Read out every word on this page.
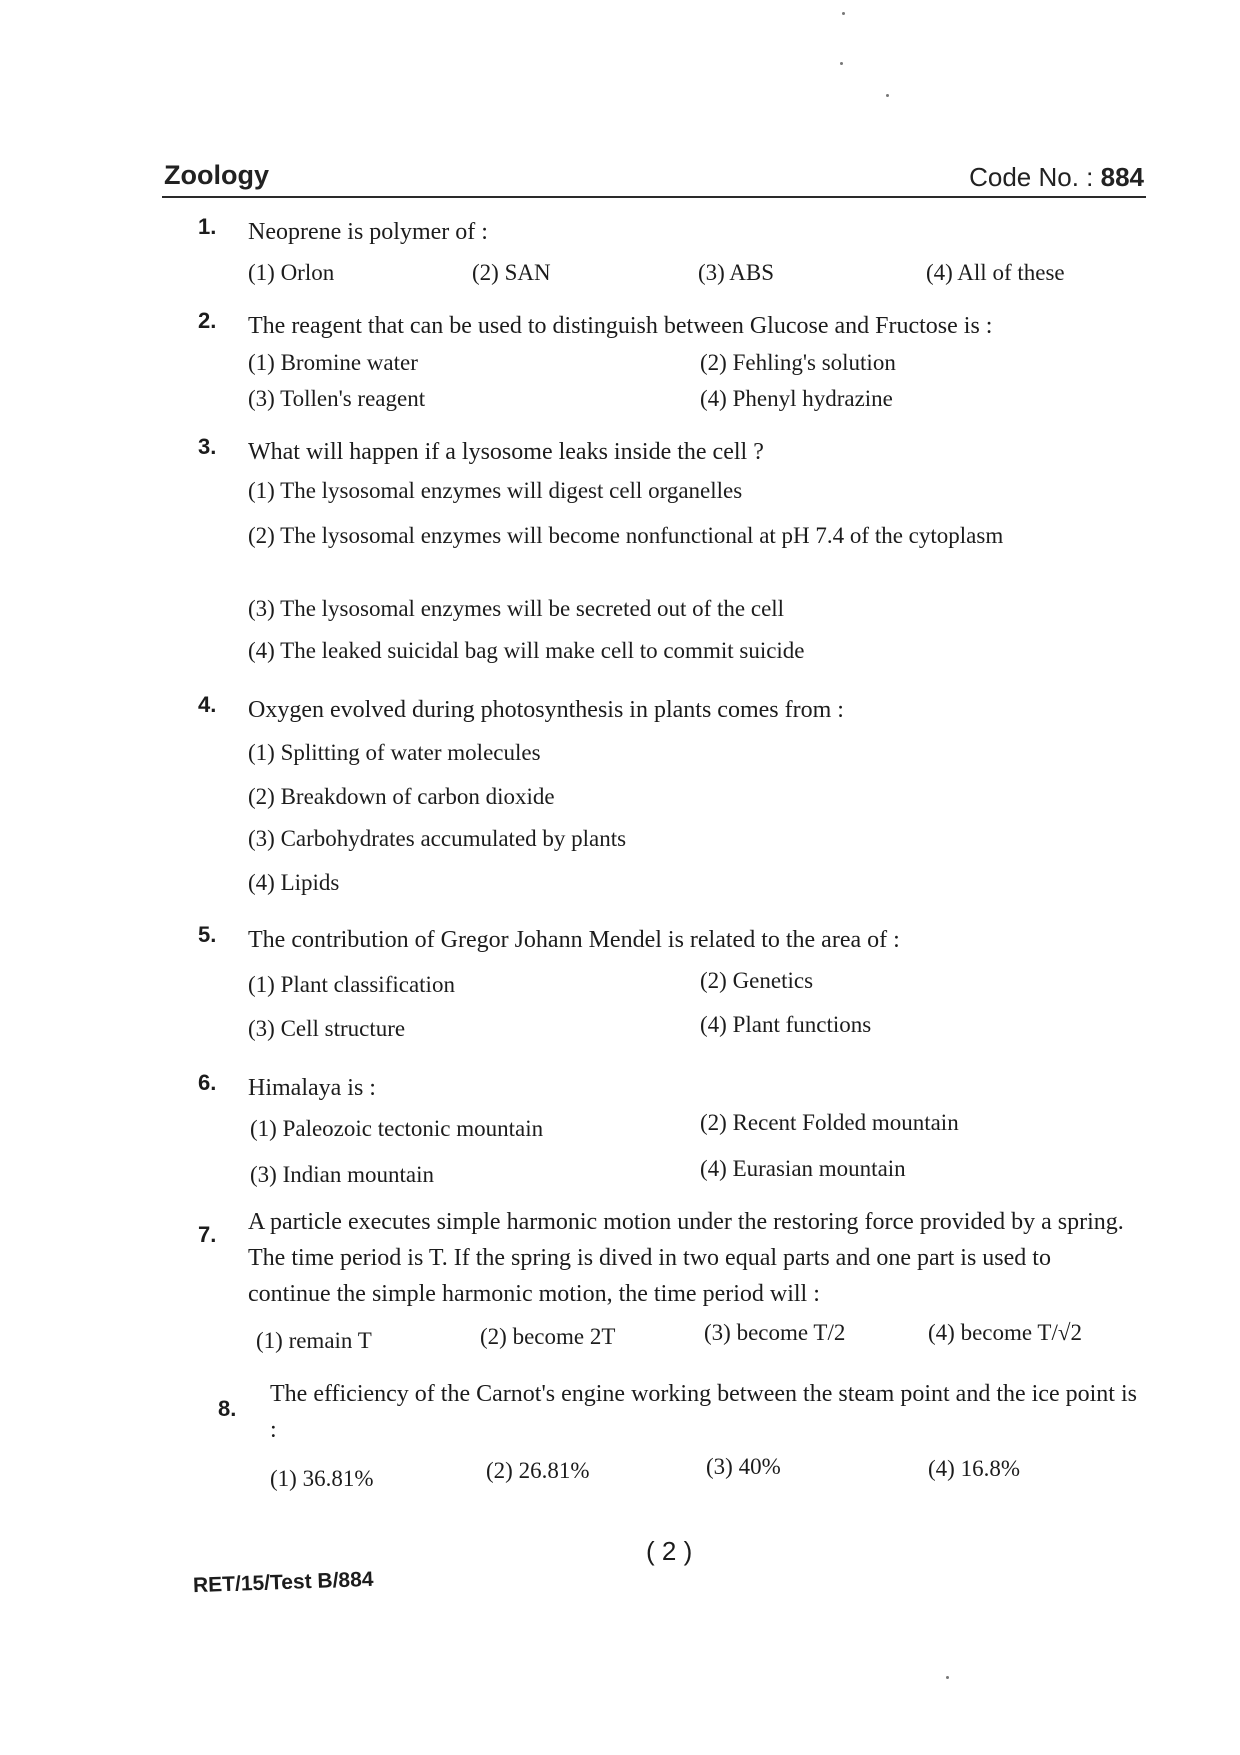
Zoology	Code No. : 884
1. Neoprene is polymer of :
(1) Orlon	(2) SAN	(3) ABS	(4) All of these
2. The reagent that can be used to distinguish between Glucose and Fructose is :
(1) Bromine water	(2) Fehling's solution
(3) Tollen's reagent	(4) Phenyl hydrazine
3. What will happen if a lysosome leaks inside the cell ?
(1) The lysosomal enzymes will digest cell organelles
(2) The lysosomal enzymes will become nonfunctional at pH 7.4 of the cytoplasm
(3) The lysosomal enzymes will be secreted out of the cell
(4) The leaked suicidal bag will make cell to commit suicide
4. Oxygen evolved during photosynthesis in plants comes from :
(1) Splitting of water molecules
(2) Breakdown of carbon dioxide
(3) Carbohydrates accumulated by plants
(4) Lipids
5. The contribution of Gregor Johann Mendel is related to the area of :
(1) Plant classification	(2) Genetics
(3) Cell structure	(4) Plant functions
6. Himalaya is :
(1) Paleozoic tectonic mountain	(2) Recent Folded mountain
(3) Indian mountain	(4) Eurasian mountain
7. A particle executes simple harmonic motion under the restoring force provided by a spring. The time period is T. If the spring is dived in two equal parts and one part is used to continue the simple harmonic motion, the time period will :
(1) remain T	(2) become 2T	(3) become T/2	(4) become T/√2
8.
The efficiency of the Carnot's engine working between the steam point and the ice point is :
(1) 36.81%	(2) 26.81%	(3) 40%	(4) 16.8%
( 2 )
RET/15/Test B/884
